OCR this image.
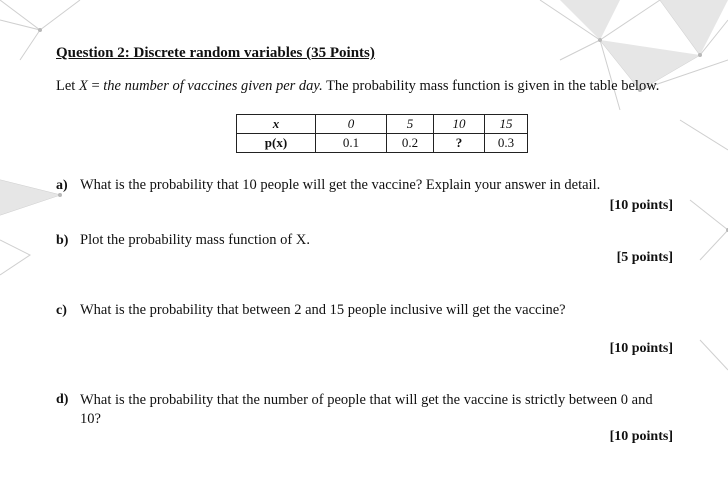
Question 2: Discrete random variables (35 Points)
Let X = the number of vaccines given per day. The probability mass function is given in the table below.
x	0	5	10	15
p(x)	0.1	0.2	?	0.3
a) What is the probability that 10 people will get the vaccine? Explain your answer in detail.
[10 points]
b) Plot the probability mass function of X.
[5 points]
c) What is the probability that between 2 and 15 people inclusive will get the vaccine?
[10 points]
d) What is the probability that the number of people that will get the vaccine is strictly between 0 and 10?
[10 points]
